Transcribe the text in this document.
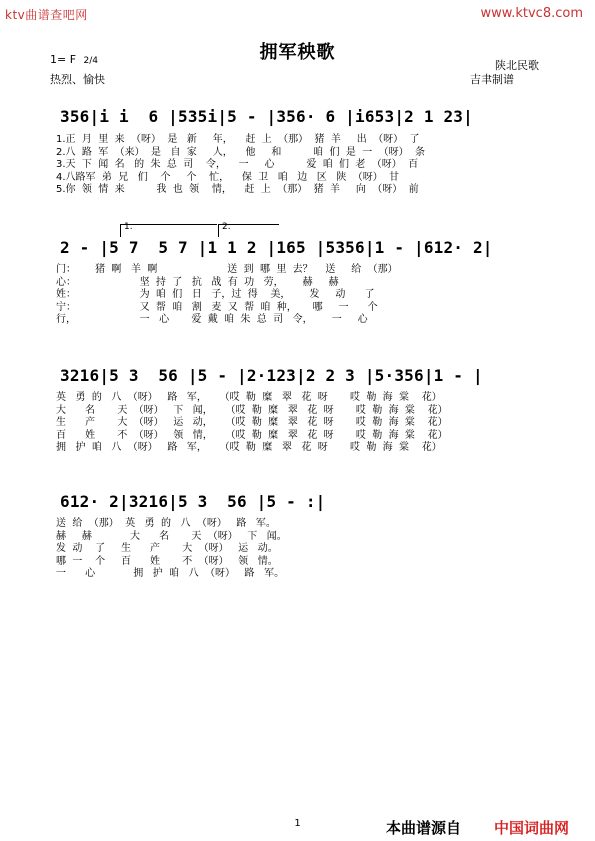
ktv曲谱查吧网	www.ktvc8.com
拥军秧歌
1= F 2/4
热烈、愉快
陕北民歌
吉聿制谱
356|i i  6 |535i|5 - |356· 6 |i653|2 1 23|
1.正  月  里  来  （呀）  是   新     年，    赶  上  （那）  猪  羊     出  （呀）  了
2.八  路  军  （来）  是   自  家     人，    他     和          咱  们  是  一  （呀）  条
3.天  下  闻  名   的  朱  总  司    令，    一     心          爱  咱  们  老  （呀）  百
4.八路军  弟  兄   们    个     个    忙，    保  卫   咱   边   区   陕  （呀）  甘
5.你  领  情  来          我  也  领    情，    赶  上  （那）  猪  羊     向  （呀）  前
1.	2.
2 - |5 7  5 7 |1 1 2 |165 |5356|1 - |612· 2|
门：      猪  啊   羊  啊                      送  到  哪  里  去？    送     给  （那）
心：                    坚  持  了   抗   战  有  功   劳，      赫     赫
姓：                    为  咱  们   日   子，过  得    美，      发     动      了
宁：                    又  帮  咱   割   麦  又  帮  咱  种，     哪     一      个
行，                    一   心       爱  戴  咱  朱  总  司   令，      一     心
3216|5 3  56 |5 - |2·123|2 2 3 |5·356|1 - |
英   勇  的   八  （呀）   路   军，    （哎  勒  糜   翠   花  呀       哎  勒  海  棠    花）
大      名       天  （呀）   下   闻，    （哎  勒  糜   翠   花  呀       哎  勒  海  棠    花）
生      产       大  （呀）   运   动，    （哎  勒  糜   翠   花  呀       哎  勒  海  棠    花）
百      姓       不  （呀）   领   情，    （哎  勒  糜   翠   花  呀       哎  勒  海  棠    花）
拥   护  咱   八  （呀）   路   军，    （哎  勒  糜   翠   花  呀       哎  勒  海  棠    花）
612· 2|3216|5 3  56 |5 - :|
送  给  （那）  英   勇  的   八  （呀）   路   军。
赫     赫            大      名       天  （呀）   下   闻。
发  动    了     生      产       大  （呀）   运   动。
哪  一    个     百      姓       不  （呀）   领   情。
一      心            拥   护  咱   八  （呀）   路   军。
1	本曲谱源自 中国词曲网
